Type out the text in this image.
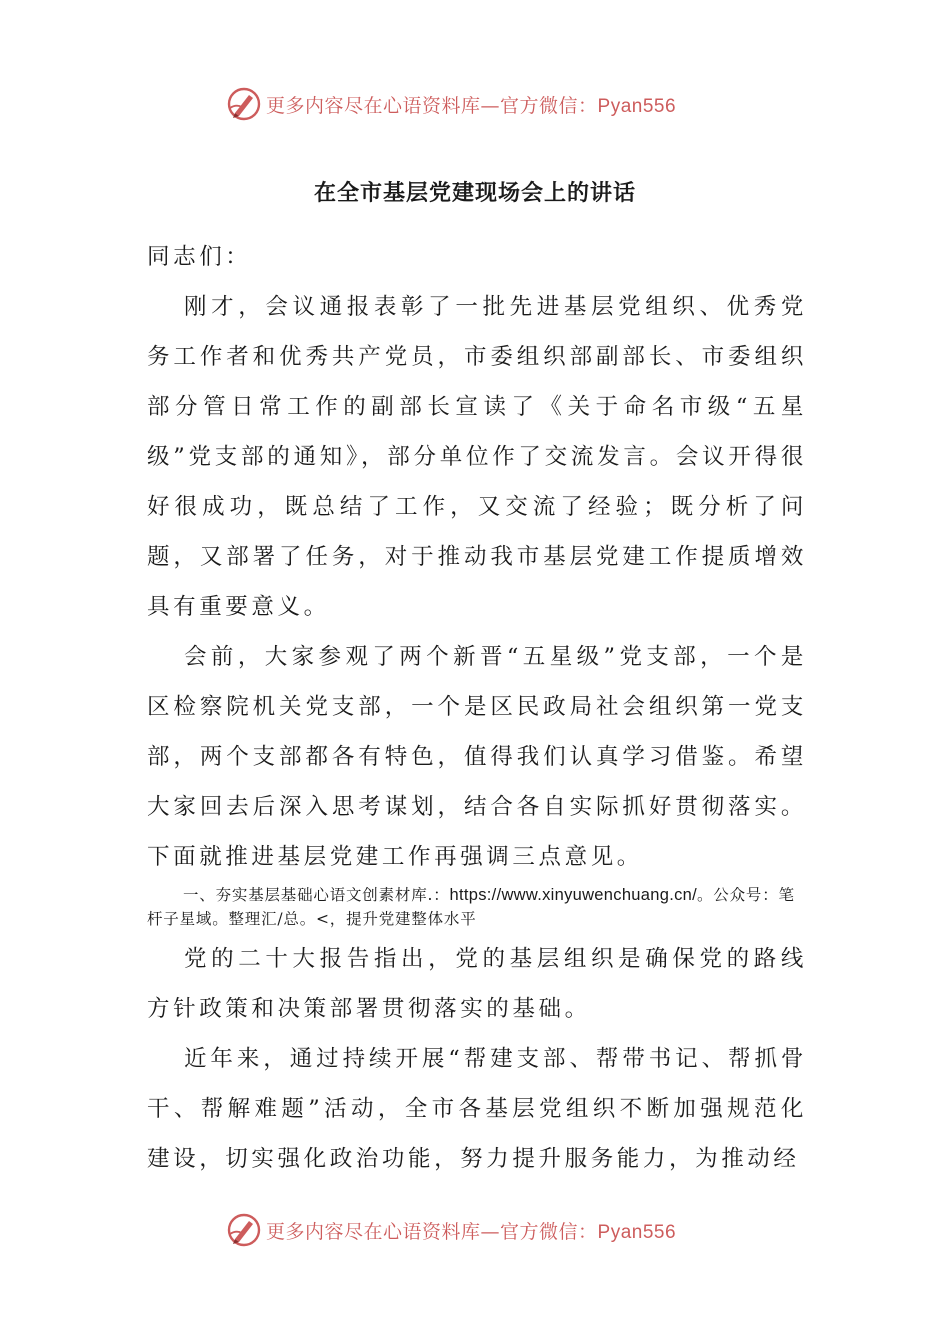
更多内容尽在心语资料库—官方微信：Pyan556
在全市基层党建现场会上的讲话

同志们：

刚才，会议通报表彰了一批先进基层党组织、优秀党务工作者和优秀共产党员，市委组织部副部长、市委组织部分管日常工作的副部长宣读了《关于命名市级“五星级”党支部的通知》，部分单位作了交流发言。会议开得很好很成功，既总结了工作，又交流了经验；既分析了问题，又部署了任务，对于推动我市基层党建工作提质增效具有重要意义。

会前，大家参观了两个新晋“五星级”党支部，一个是区检察院机关党支部，一个是区民政局社会组织第一党支部，两个支部都各有特色，值得我们认真学习借鉴。希望大家回去后深入思考谋划，结合各自实际抓好贯彻落实。下面就推进基层党建工作再强调三点意见。

一、夯实基层基础心语文创素材库.：https://www.xinyuwenchuang.cn/。公众号：笔杆子星域。整理汇/总。<，提升党建整体水平

党的二十大报告指出，党的基层组织是确保党的路线方针政策和决策部署贯彻落实的基础。

近年来，通过持续开展“帮建支部、帮带书记、帮抓骨干、帮解难题”活动，全市各基层党组织不断加强规范化建设，切实强化政治功能，努力提升服务能力，为推动经

更多内容尽在心语资料库—官方微信：Pyan556
